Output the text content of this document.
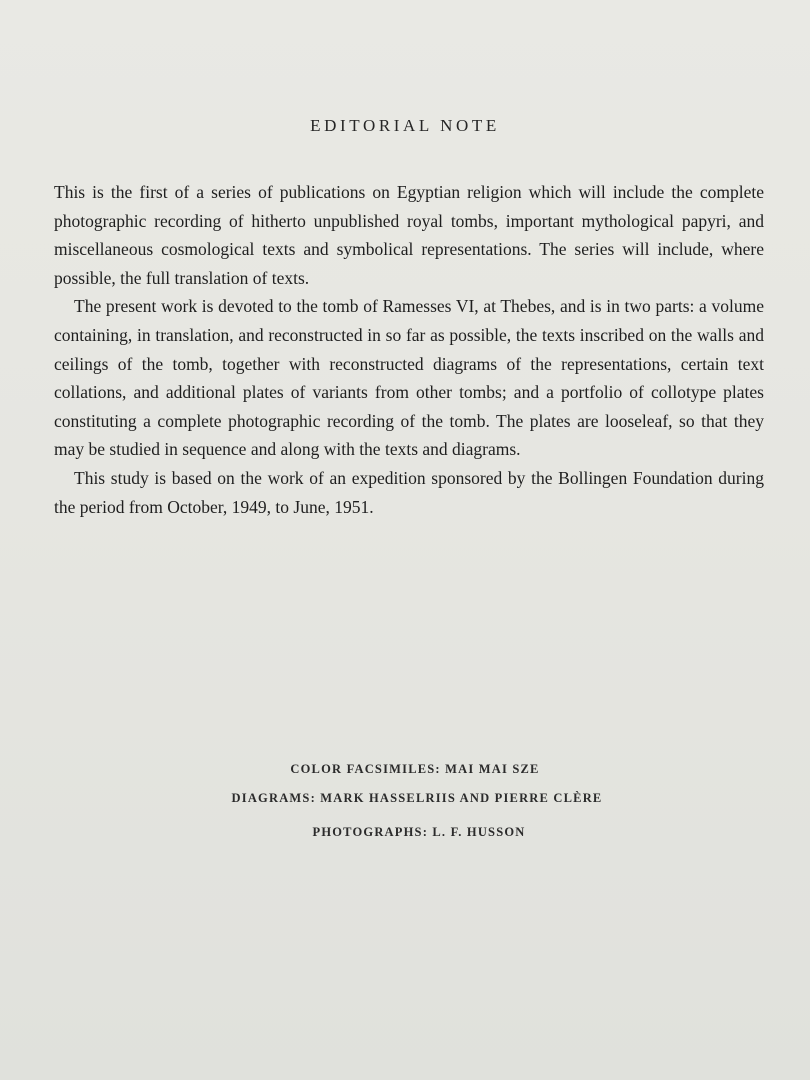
EDITORIAL NOTE

This is the first of a series of publications on Egyptian religion which will include the complete photographic recording of hitherto unpublished royal tombs, important mythological papyri, and miscellaneous cosmological texts and symbolical representations. The series will include, where possible, the full translation of texts.

The present work is devoted to the tomb of Ramesses VI, at Thebes, and is in two parts: a volume containing, in translation, and reconstructed in so far as possible, the texts inscribed on the walls and ceilings of the tomb, together with reconstructed diagrams of the representations, certain text collations, and additional plates of variants from other tombs; and a portfolio of collotype plates constituting a complete photographic recording of the tomb. The plates are looseleaf, so that they may be studied in sequence and along with the texts and diagrams.

This study is based on the work of an expedition sponsored by the Bollingen Foundation during the period from October, 1949, to June, 1951.

COLOR FACSIMILES: MAI MAI SZE
DIAGRAMS: MARK HASSELRIIS AND PIERRE CLÈRE
PHOTOGRAPHS: L. F. HUSSON
